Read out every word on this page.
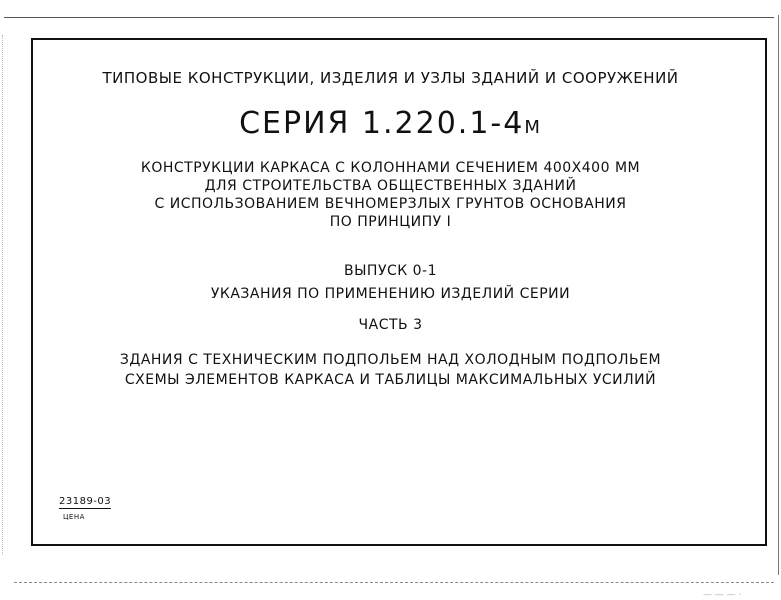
ТИПОВЫЕ КОНСТРУКЦИИ, ИЗДЕЛИЯ И УЗЛЫ ЗДАНИЙ И СООРУЖЕНИЙ
СЕРИЯ 1.220.1-4М
КОНСТРУКЦИИ КАРКАСА С КОЛОННАМИ СЕЧЕНИЕМ 400Х400 ММ
ДЛЯ СТРОИТЕЛЬСТВА ОБЩЕСТВЕННЫХ ЗДАНИЙ
С ИСПОЛЬЗОВАНИЕМ ВЕЧНОМЕРЗЛЫХ ГРУНТОВ ОСНОВАНИЯ
ПО ПРИНЦИПУ I
ВЫПУСК 0-1
УКАЗАНИЯ ПО ПРИМЕНЕНИЮ ИЗДЕЛИЙ СЕРИИ
ЧАСТЬ 3
ЗДАНИЯ С ТЕХНИЧЕСКИМ ПОДПОЛЬЕМ НАД ХОЛОДНЫМ ПОДПОЛЬЕМ
СХЕМЫ ЭЛЕМЕНТОВ КАРКАСА И ТАБЛИЦЫ МАКСИМАЛЬНЫХ УСИЛИЙ
23189-03
ЦЕНА
— — — ·
